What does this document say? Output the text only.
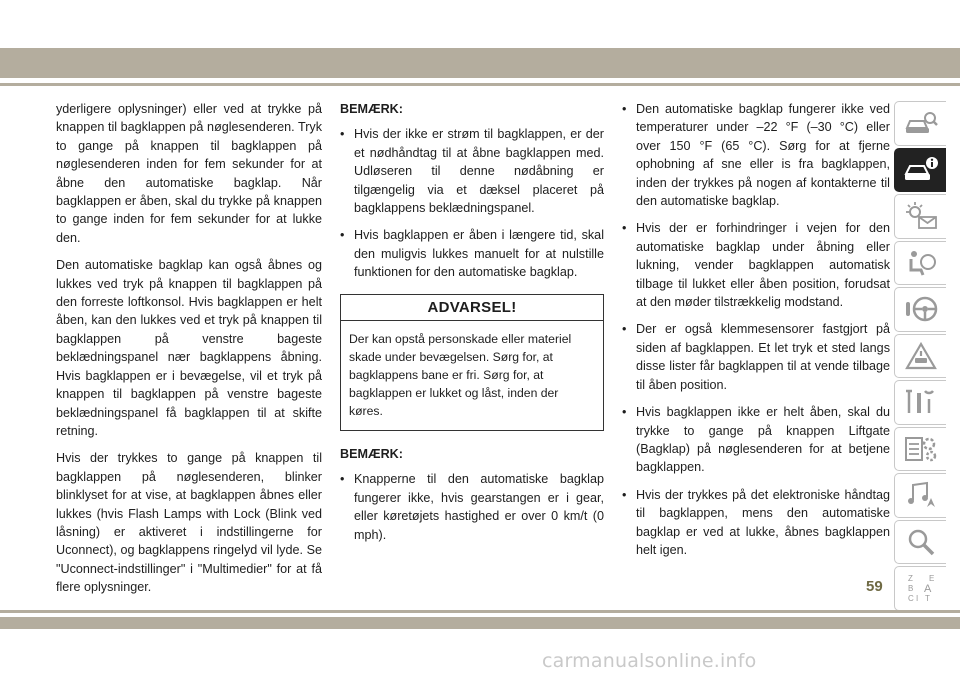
yderligere oplysninger) eller ved at trykke på knappen til bagklappen på nøglesenderen. Tryk to gange på knappen til bagklappen på nøglesenderen inden for fem sekunder for at åbne den automatiske bagklap. Når bagklappen er åben, skal du trykke på knappen to gange inden for fem sekunder for at lukke den.

Den automatiske bagklap kan også åbnes og lukkes ved tryk på knappen til bagklappen på den forreste loftkonsol. Hvis bagklappen er helt åben, kan den lukkes ved et tryk på knappen til bagklappen på venstre bageste beklædningspanel nær bagklappens åbning. Hvis bagklappen er i bevægelse, vil et tryk på knappen til bagklappen på venstre bageste beklædningspanel få bagklappen til at skifte retning.

Hvis der trykkes to gange på knappen til bagklappen på nøglesenderen, blinker blinklyset for at vise, at bagklappen åbnes eller lukkes (hvis Flash Lamps with Lock (Blink ved låsning) er aktiveret i indstillingerne for Uconnect), og bagklappens ringelyd vil lyde. Se "Uconnect-indstillinger" i "Multimedier" for at få flere oplysninger.

BEMÆRK:
• Hvis der ikke er strøm til bagklappen, er der et nødhåndtag til at åbne bagklappen med. Udløseren til denne nødåbning er tilgængelig via et dæksel placeret på bagklappens beklædningspanel.
• Hvis bagklappen er åben i længere tid, skal den muligvis lukkes manuelt for at nulstille funktionen for den automatiske bagklap.
ADVARSEL!
Der kan opstå personskade eller materiel skade under bevægelsen. Sørg for, at bagklappens bane er fri. Sørg for, at bagklappen er lukket og låst, inden der køres.
BEMÆRK:
• Knapperne til den automatiske bagklap fungerer ikke, hvis gearstangen er i gear, eller køretøjets hastighed er over 0 km/t (0 mph).
• Den automatiske bagklap fungerer ikke ved temperaturer under –22 °F (–30 °C) eller over 150 °F (65 °C). Sørg for at fjerne ophobning af sne eller is fra bagklappen, inden der trykkes på nogen af kontakterne til den automatiske bagklap.
• Hvis der er forhindringer i vejen for den automatiske bagklap under åbning eller lukning, vender bagklappen automatisk tilbage til lukket eller åben position, forudsat at den møder tilstrækkelig modstand.
• Der er også klemmesensorer fastgjort på siden af bagklappen. Et let tryk et sted langs disse lister får bagklappen til at vende tilbage til åben position.
• Hvis bagklappen ikke er helt åben, skal du trykke to gange på knappen Liftgate (Bagklap) på nøglesenderen for at betjene bagklappen.
• Hvis der trykkes på det elektroniske håndtag til bagklappen, mens den automatiske bagklap er ved at lukke, åbnes bagklappen helt igen.
Z E
B A
C I T
59
carmanualsonline.info
